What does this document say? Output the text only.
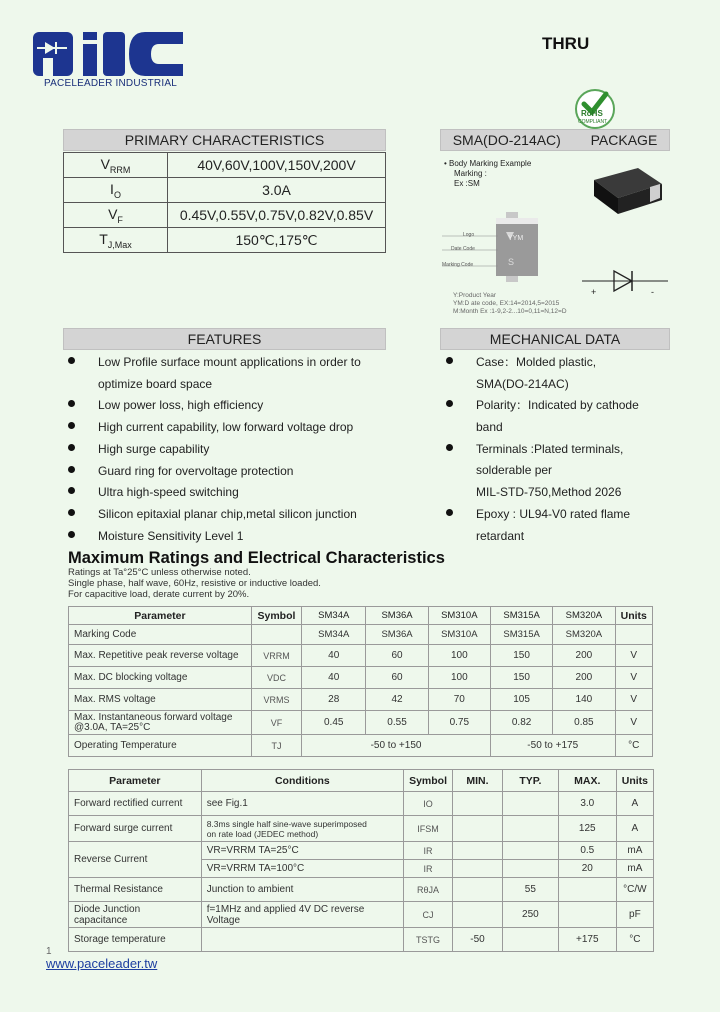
PACELEADER INDUSTRIAL
THRU
RoHS
COMPLIANT
PRIMARY CHARACTERISTICS
$V_{RRM}$	40V,60V,100V,150V,200V
$I_O$	3.0A
$V_F$	0.45V,0.55V,0.75V,0.82V,0.85V
$T_{J,Max}$	150℃,175℃
SMA(DO-214AC) PACKAGE
• Body Marking Example
Marking :
Ex :SM
YYM
S
Logo
Date Code
Marking Code
Y:Product Year
YM:D ate code, EX:14=2014,5=2015
M:Month Ex :1-9,2-2...10=0,11=N,12=D
+	-
FEATURES
Low Profile surface mount applications in order to
optimize board space
Low power loss, high efficiency
High current capability, low forward voltage drop
High surge capability
Guard ring for overvoltage protection
Ultra high-speed switching
Silicon epitaxial planar chip,metal silicon junction
Moisture Sensitivity Level 1
MECHANICAL DATA
Case：Molded plastic,
SMA(DO-214AC)
Polarity：Indicated by cathode
band
Terminals :Plated terminals,
solderable per
MIL-STD-750,Method 2026
Epoxy : UL94-V0 rated flame
retardant
Maximum Ratings and Electrical Characteristics
Ratings at Ta°25°C unless otherwise noted.
Single phase, half wave, 60Hz, resistive or inductive loaded.
For capacitive load, derate current by 20%.
Parameter	Symbol	SM34A	SM36A	SM310A	SM315A	SM320A	Units
Marking Code		SM34A	SM36A	SM310A	SM315A	SM320A	
Max. Repetitive peak reverse voltage	VRRM	40	60	100	150	200	V
Max. DC blocking voltage	VDC	40	60	100	150	200	V
Max. RMS voltage	VRMS	28	42	70	105	140	V

Max. Instantaneous forward voltage
@3.0A, TA=25°C	VF	0.45	0.55	0.75	0.82	0.85	V
Operating Temperature	TJ	-50 to +150			-50 to +175		°C
Parameter	Conditions	Symbol	MIN.	TYP.	MAX.	Units
Forward rectified current	see Fig.1	IO			3.0	A
Forward surge current	8.3ms single half sine-wave superimposed
on rate load (JEDEC method)	IFSM			125	A
Reverse Current	VR=VRRM TA=25°C	IR			0.5	mA
	VR=VRRM TA=100°C	IR			20	mA
Thermal Resistance	Junction to ambient	RθJA		55		°C/W
Diode Junction capacitance	f=1MHz and applied 4V DC reverse Voltage	CJ		250		pF
Storage temperature		TSTG	-50		+175	°C
1
www.paceleader.tw
